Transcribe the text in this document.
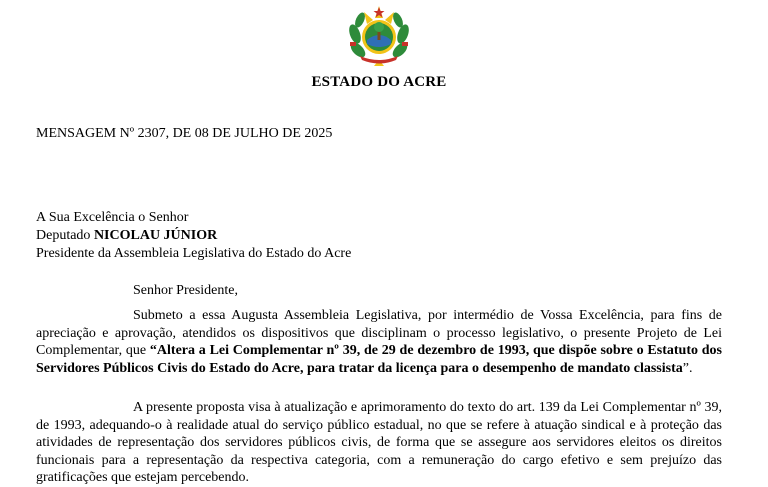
ESTADO DO ACRE
MENSAGEM Nº 2307, DE 08 DE JULHO DE 2025
A Sua Excelência o Senhor
Deputado NICOLAU JÚNIOR
Presidente da Assembleia Legislativa do Estado do Acre
Senhor Presidente,

Submeto a essa Augusta Assembleia Legislativa, por intermédio de Vossa Excelência, para fins de apreciação e aprovação, atendidos os dispositivos que disciplinam o processo legislativo, o presente Projeto de Lei Complementar, que “Altera a Lei Complementar nº 39, de 29 de dezembro de 1993, que dispõe sobre o Estatuto dos Servidores Públicos Civis do Estado do Acre, para tratar da licença para o desempenho de mandato classista”.

A presente proposta visa à atualização e aprimoramento do texto do art. 139 da Lei Complementar nº 39, de 1993, adequando-o à realidade atual do serviço público estadual, no que se refere à atuação sindical e à proteção das atividades de representação dos servidores públicos civis, de forma que se assegure aos servidores eleitos os direitos funcionais para a representação da respectiva categoria, com a remuneração do cargo efetivo e sem prejuízo das gratificações que estejam percebendo.
